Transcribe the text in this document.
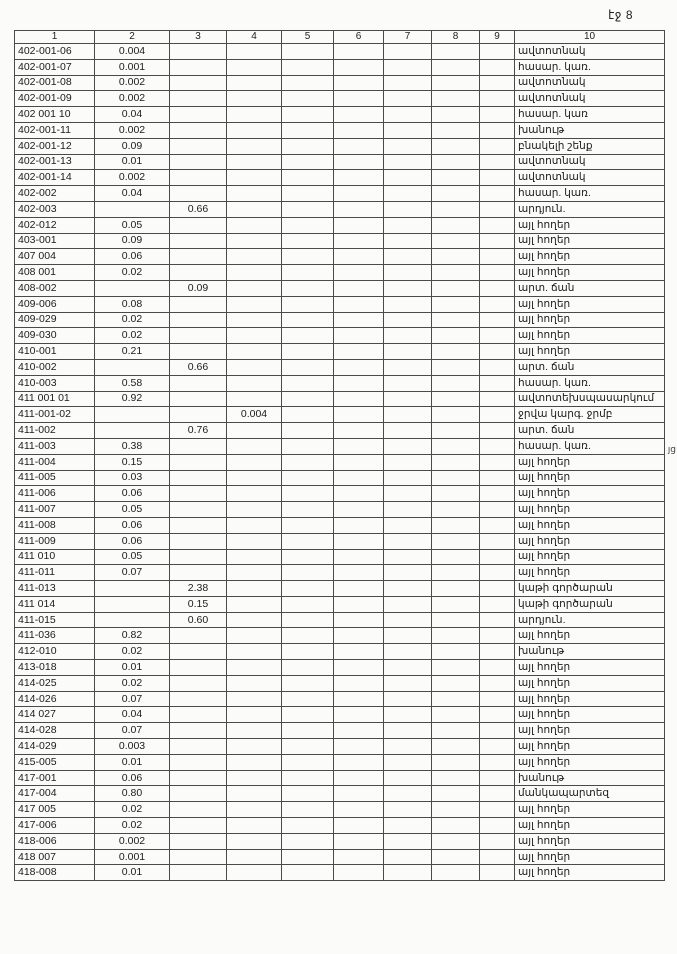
էջ 8
յց
1	2	3	4	5	6	7	8	9	10
402-001-06	0.004								ավտոտնակ
402-001-07	0.001								հասար. կառ.
402-001-08	0.002								ավտոտնակ
402-001-09	0.002								ավտոտնակ
402 001 10	0.04								հասար. կառ
402-001-11	0.002								խանութ
402-001-12	0.09								բնակելի շենք
402-001-13	0.01								ավտոտնակ
402-001-14	0.002								ավտոտնակ
402-002	0.04								հասար. կառ.
402-003		0.66							արդյուն.
402-012	0.05								այլ հողեր
403-001	0.09								այլ հողեր
407 004	0.06								այլ հողեր
408 001	0.02								այլ հողեր
408-002		0.09							արտ. ճան
409-006	0.08								այլ հողեր
409-029	0.02								այլ հողեր
409-030	0.02								այլ հողեր
410-001	0.21								այլ հողեր
410-002		0.66							արտ. ճան
410-003	0.58								հասար. կառ.
411 001 01	0.92								ավտոտեխսպասարկում
411-001-02			0.004						ջրվա կարգ. ջրմբ
411-002		0.76							արտ. ճան
411-003	0.38								հասար. կառ.
411-004	0.15								այլ հողեր
411-005	0.03								այլ հողեր
411-006	0.06								այլ հողեր
411-007	0.05								այլ հողեր
411-008	0.06								այլ հողեր
411-009	0.06								այլ հողեր
411 010	0.05								այլ հողեր
411-011	0.07								այլ հողեր
411-013		2.38							կաթի գործարան
411 014		0.15							կաթի գործարան
411-015		0.60							արդյուն.
411-036	0.82								այլ հողեր
412-010	0.02								խանութ
413-018	0.01								այլ հողեր
414-025	0.02								այլ հողեր
414-026	0.07								այլ հողեր
414 027	0.04								այլ հողեր
414-028	0.07								այլ հողեր
414-029	0.003								այլ հողեր
415-005	0.01								այլ հողեր
417-001	0.06								խանութ
417-004	0.80								մանկապարտեզ
417 005	0.02								այլ հողեր
417-006	0.02								այլ հողեր
418-006	0.002								այլ հողեր
418 007	0.001								այլ հողեր
418-008	0.01								այլ հողեր
